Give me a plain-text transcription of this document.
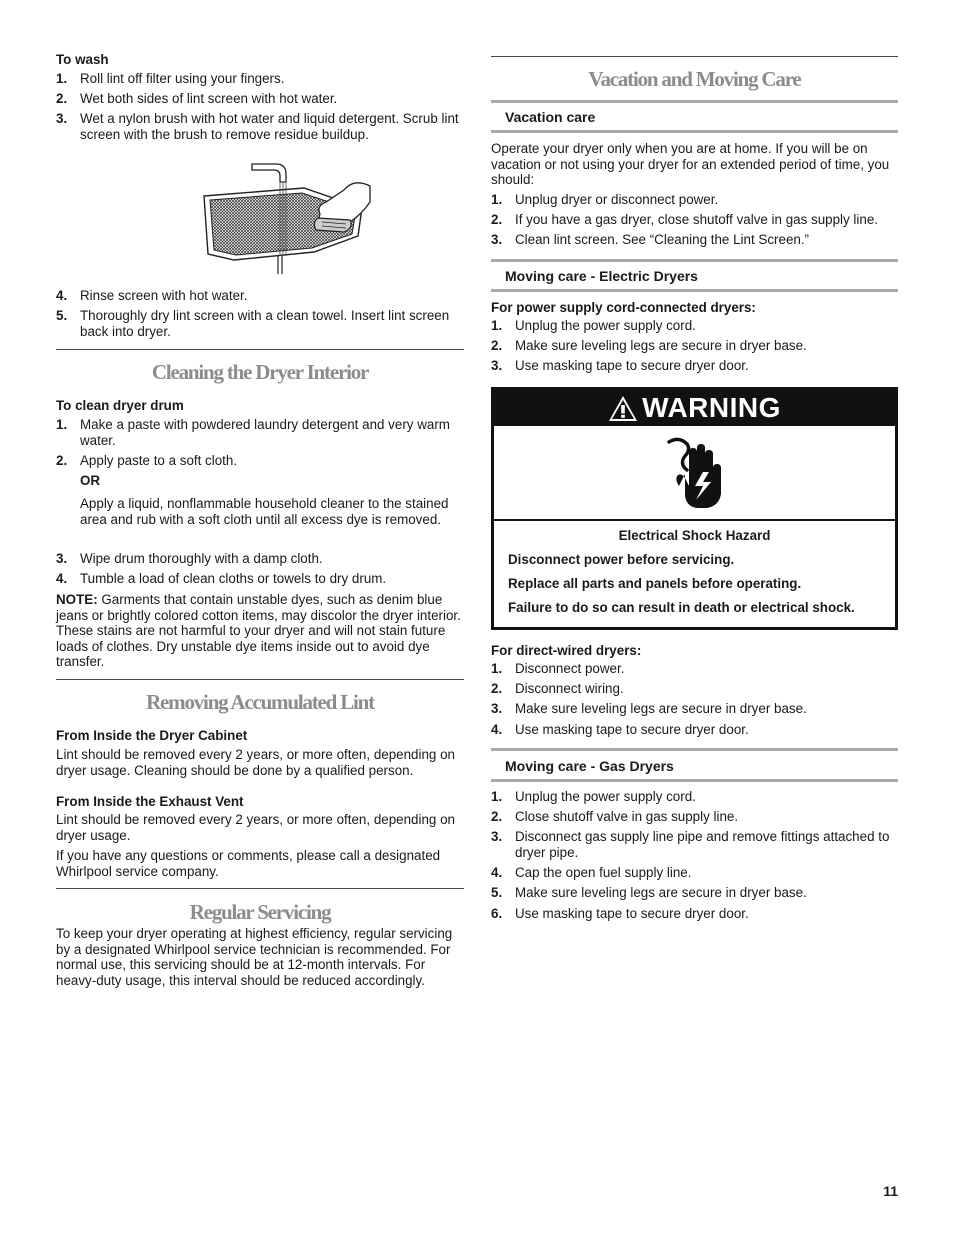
To wash
1. Roll lint off filter using your fingers.
2. Wet both sides of lint screen with hot water.
3. Wet a nylon brush with hot water and liquid detergent. Scrub lint screen with the brush to remove residue buildup.
4. Rinse screen with hot water.
5. Thoroughly dry lint screen with a clean towel. Insert lint screen back into dryer.
Cleaning the Dryer Interior
To clean dryer drum
1. Make a paste with powdered laundry detergent and very warm water.
2. Apply paste to a soft cloth.
OR
Apply a liquid, nonflammable household cleaner to the stained area and rub with a soft cloth until all excess dye is removed.
3. Wipe drum thoroughly with a damp cloth.
4. Tumble a load of clean cloths or towels to dry drum.
NOTE: Garments that contain unstable dyes, such as denim blue jeans or brightly colored cotton items, may discolor the dryer interior. These stains are not harmful to your dryer and will not stain future loads of clothes. Dry unstable dye items inside out to avoid dye transfer.
Removing Accumulated Lint
From Inside the Dryer Cabinet
Lint should be removed every 2 years, or more often, depending on dryer usage. Cleaning should be done by a qualified person.
From Inside the Exhaust Vent
Lint should be removed every 2 years, or more often, depending on dryer usage.
If you have any questions or comments, please call a designated Whirlpool service company.
Regular Servicing
To keep your dryer operating at highest efficiency, regular servicing by a designated Whirlpool service technician is recommended. For normal use, this servicing should be at 12-month intervals. For heavy-duty usage, this interval should be reduced accordingly.
Vacation and Moving Care
Vacation care
Operate your dryer only when you are at home. If you will be on vacation or not using your dryer for an extended period of time, you should:
1. Unplug dryer or disconnect power.
2. If you have a gas dryer, close shutoff valve in gas supply line.
3. Clean lint screen. See “Cleaning the Lint Screen.”
Moving care - Electric Dryers
For power supply cord-connected dryers:
1. Unplug the power supply cord.
2. Make sure leveling legs are secure in dryer base.
3. Use masking tape to secure dryer door.
WARNING
Electrical Shock Hazard

Disconnect power before servicing.

Replace all parts and panels before operating.

Failure to do so can result in death or electrical shock.

For direct-wired dryers:
1. Disconnect power.
2. Disconnect wiring.
3. Make sure leveling legs are secure in dryer base.
4. Use masking tape to secure dryer door.
Moving care - Gas Dryers
1. Unplug the power supply cord.
2. Close shutoff valve in gas supply line.
3. Disconnect gas supply line pipe and remove fittings attached to dryer pipe.
4. Cap the open fuel supply line.
5. Make sure leveling legs are secure in dryer base.
6. Use masking tape to secure dryer door.
11
